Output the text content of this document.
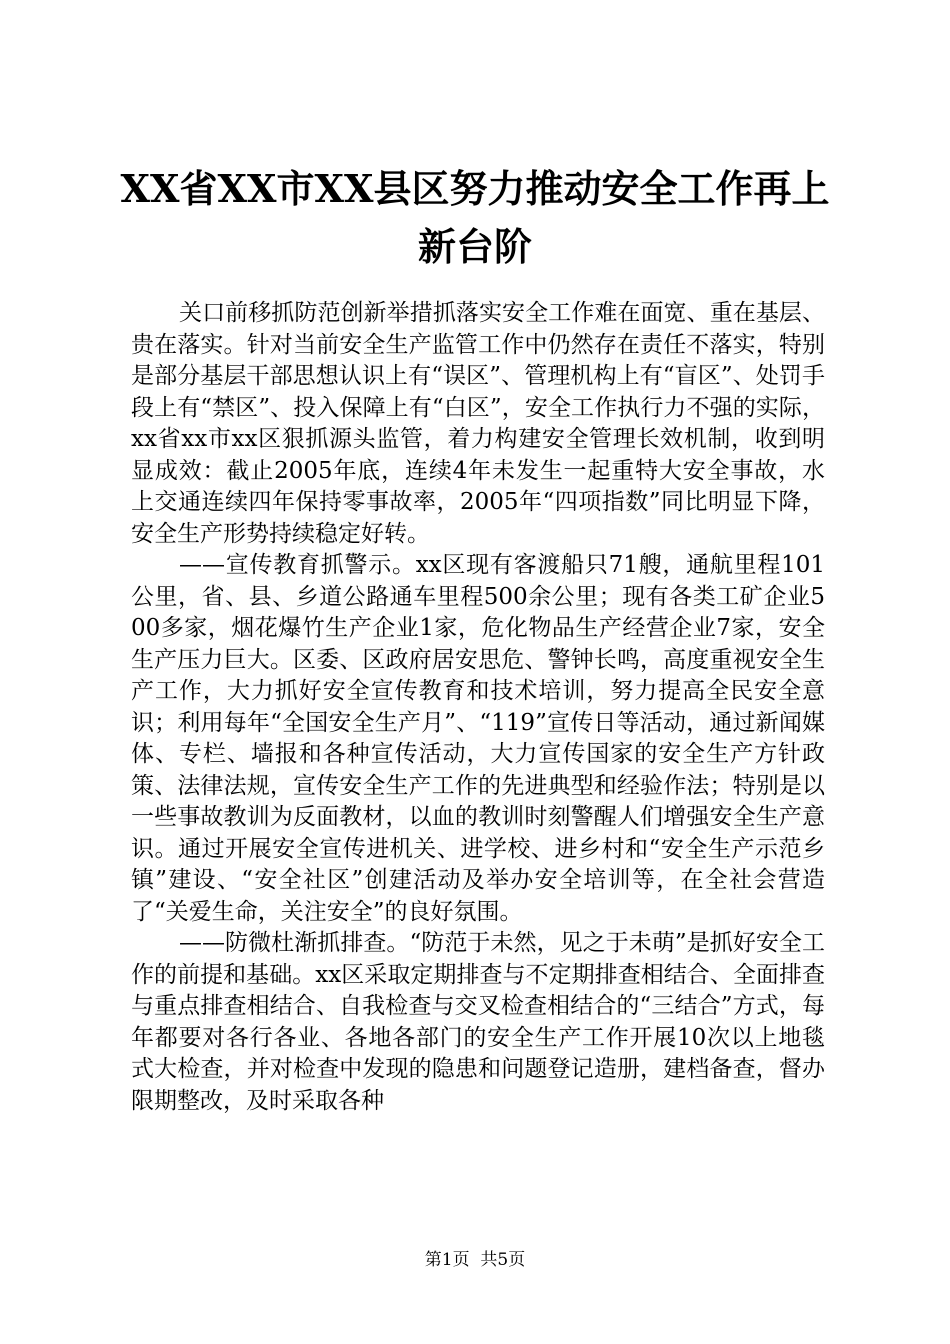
XX省XX市XX县区努力推动安全工作再上新台阶

关口前移抓防范创新举措抓落实安全工作难在面宽、重在基层、贵在落实。针对当前安全生产监管工作中仍然存在责任不落实，特别是部分基层干部思想认识上有“误区”、管理机构上有“盲区”、处罚手段上有“禁区”、投入保障上有“白区”，安全工作执行力不强的实际，xx省xx市xx区狠抓源头监管，着力构建安全管理长效机制，收到明显成效：截止2005年底，连续4年未发生一起重特大安全事故，水上交通连续四年保持零事故率，2005年“四项指数”同比明显下降，安全生产形势持续稳定好转。

——宣传教育抓警示。xx区现有客渡船只71艘，通航里程101公里，省、县、乡道公路通车里程500余公里；现有各类工矿企业500多家，烟花爆竹生产企业1家，危化物品生产经营企业7家，安全生产压力巨大。区委、区政府居安思危、警钟长鸣，高度重视安全生产工作，大力抓好安全宣传教育和技术培训，努力提高全民安全意识；利用每年“全国安全生产月”、“119”宣传日等活动，通过新闻媒体、专栏、墙报和各种宣传活动，大力宣传国家的安全生产方针政策、法律法规，宣传安全生产工作的先进典型和经验作法；特别是以一些事故教训为反面教材，以血的教训时刻警醒人们增强安全生产意识。通过开展安全宣传进机关、进学校、进乡村和“安全生产示范乡镇”建设、“安全社区”创建活动及举办安全培训等，在全社会营造了“关爱生命，关注安全”的良好氛围。

——防微杜渐抓排查。“防范于未然，见之于未萌”是抓好安全工作的前提和基础。xx区采取定期排查与不定期排查相结合、全面排查与重点排查相结合、自我检查与交叉检查相结合的“三结合”方式，每年都要对各行各业、各地各部门的安全生产工作开展10次以上地毯式大检查，并对检查中发现的隐患和问题登记造册，建档备查，督办限期整改，及时采取各种

第1页 共5页
